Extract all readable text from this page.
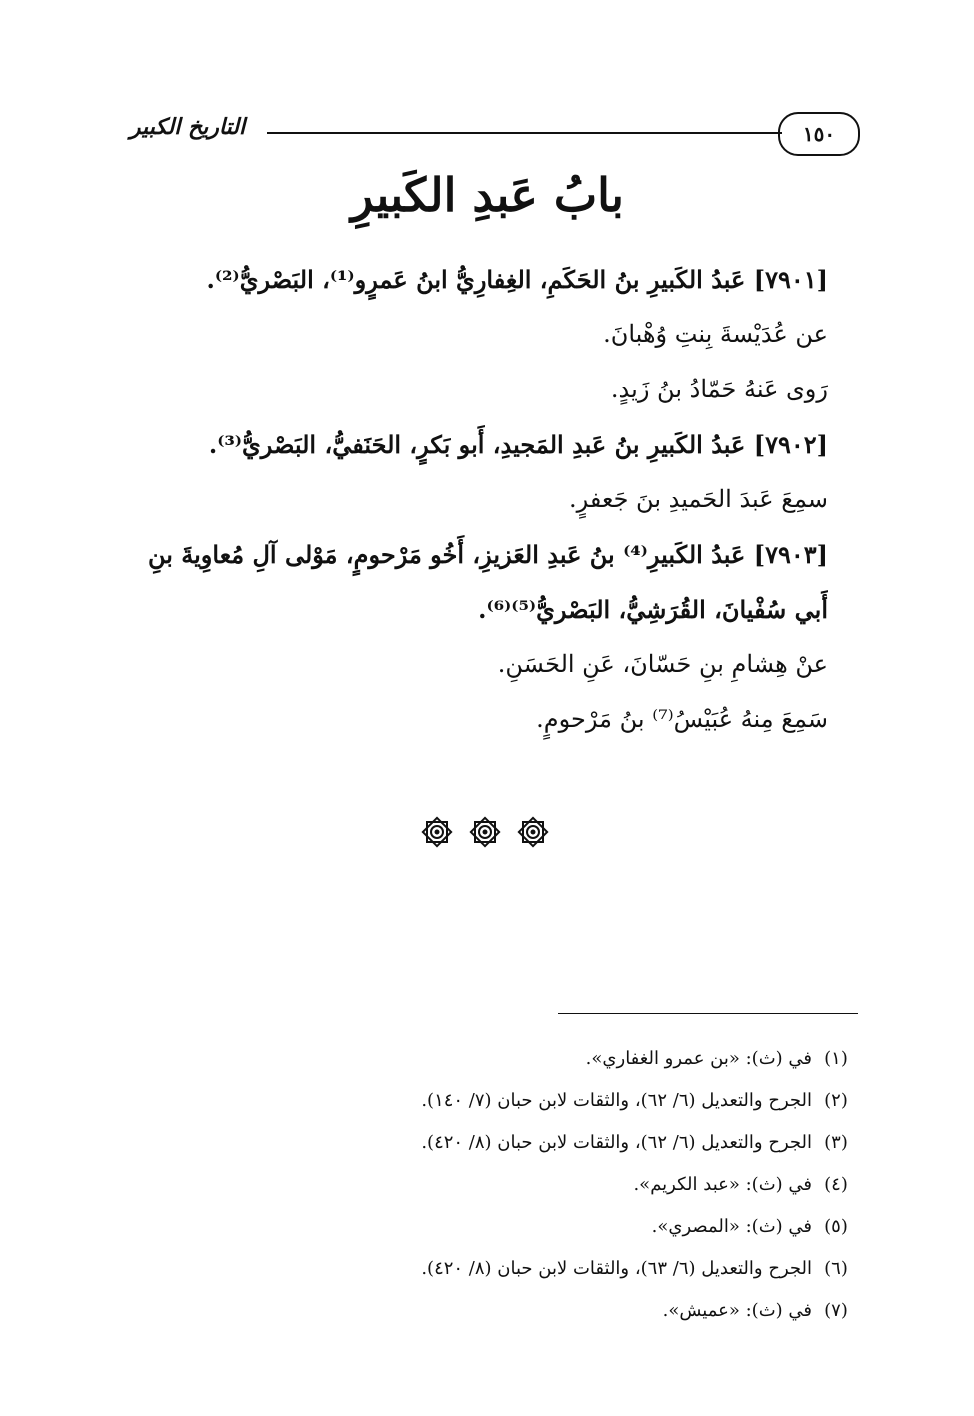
١٥٠
التاريخ الكبير
بابُ عَبدِ الكَبيرِ
[٧٩٠١] عَبدُ الكَبيرِ بنُ الحَكَمِ، الغِفارِيُّ ابنُ عَمرٍو⁽¹⁾، البَصْريُّ⁽²⁾.
عن عُدَيْسةَ بِنتِ وُهْبانَ.
رَوى عَنهُ حَمّادُ بنُ زَيدٍ.
[٧٩٠٢] عَبدُ الكَبيرِ بنُ عَبدِ المَجيدِ، أَبو بَكرٍ، الحَنَفيُّ، البَصْريُّ⁽³⁾.
سمِعَ عَبدَ الحَميدِ بنَ جَعفرٍ.
[٧٩٠٣] عَبدُ الكَبيرِ⁽⁴⁾ بنُ عَبدِ العَزيزِ، أَخُو مَرْحومٍ، مَوْلى آلِ مُعاوِيةَ بنِ
أَبي سُفْيانَ، القُرَشِيُّ، البَصْريُّ⁽⁵⁾⁽⁶⁾.
عنْ هِشامِ بنِ حَسّانَ، عَنِ الحَسَنِ.
سَمِعَ مِنهُ عُبَيْسُ⁽⁷⁾ بنُ مَرْحومٍ.
(١)
في (ث): «بن عمرو الغفاري».
(٢)
الجرح والتعديل (٦/ ٦٢)، والثقات لابن حبان (٧/ ١٤٠).
(٣)
الجرح والتعديل (٦/ ٦٢)، والثقات لابن حبان (٨/ ٤٢٠).
(٤)
في (ث): «عبد الكريم».
(٥)
في (ث): «المصري».
(٦)
الجرح والتعديل (٦/ ٦٣)، والثقات لابن حبان (٨/ ٤٢٠).
(٧)
في (ث): «عميش».
